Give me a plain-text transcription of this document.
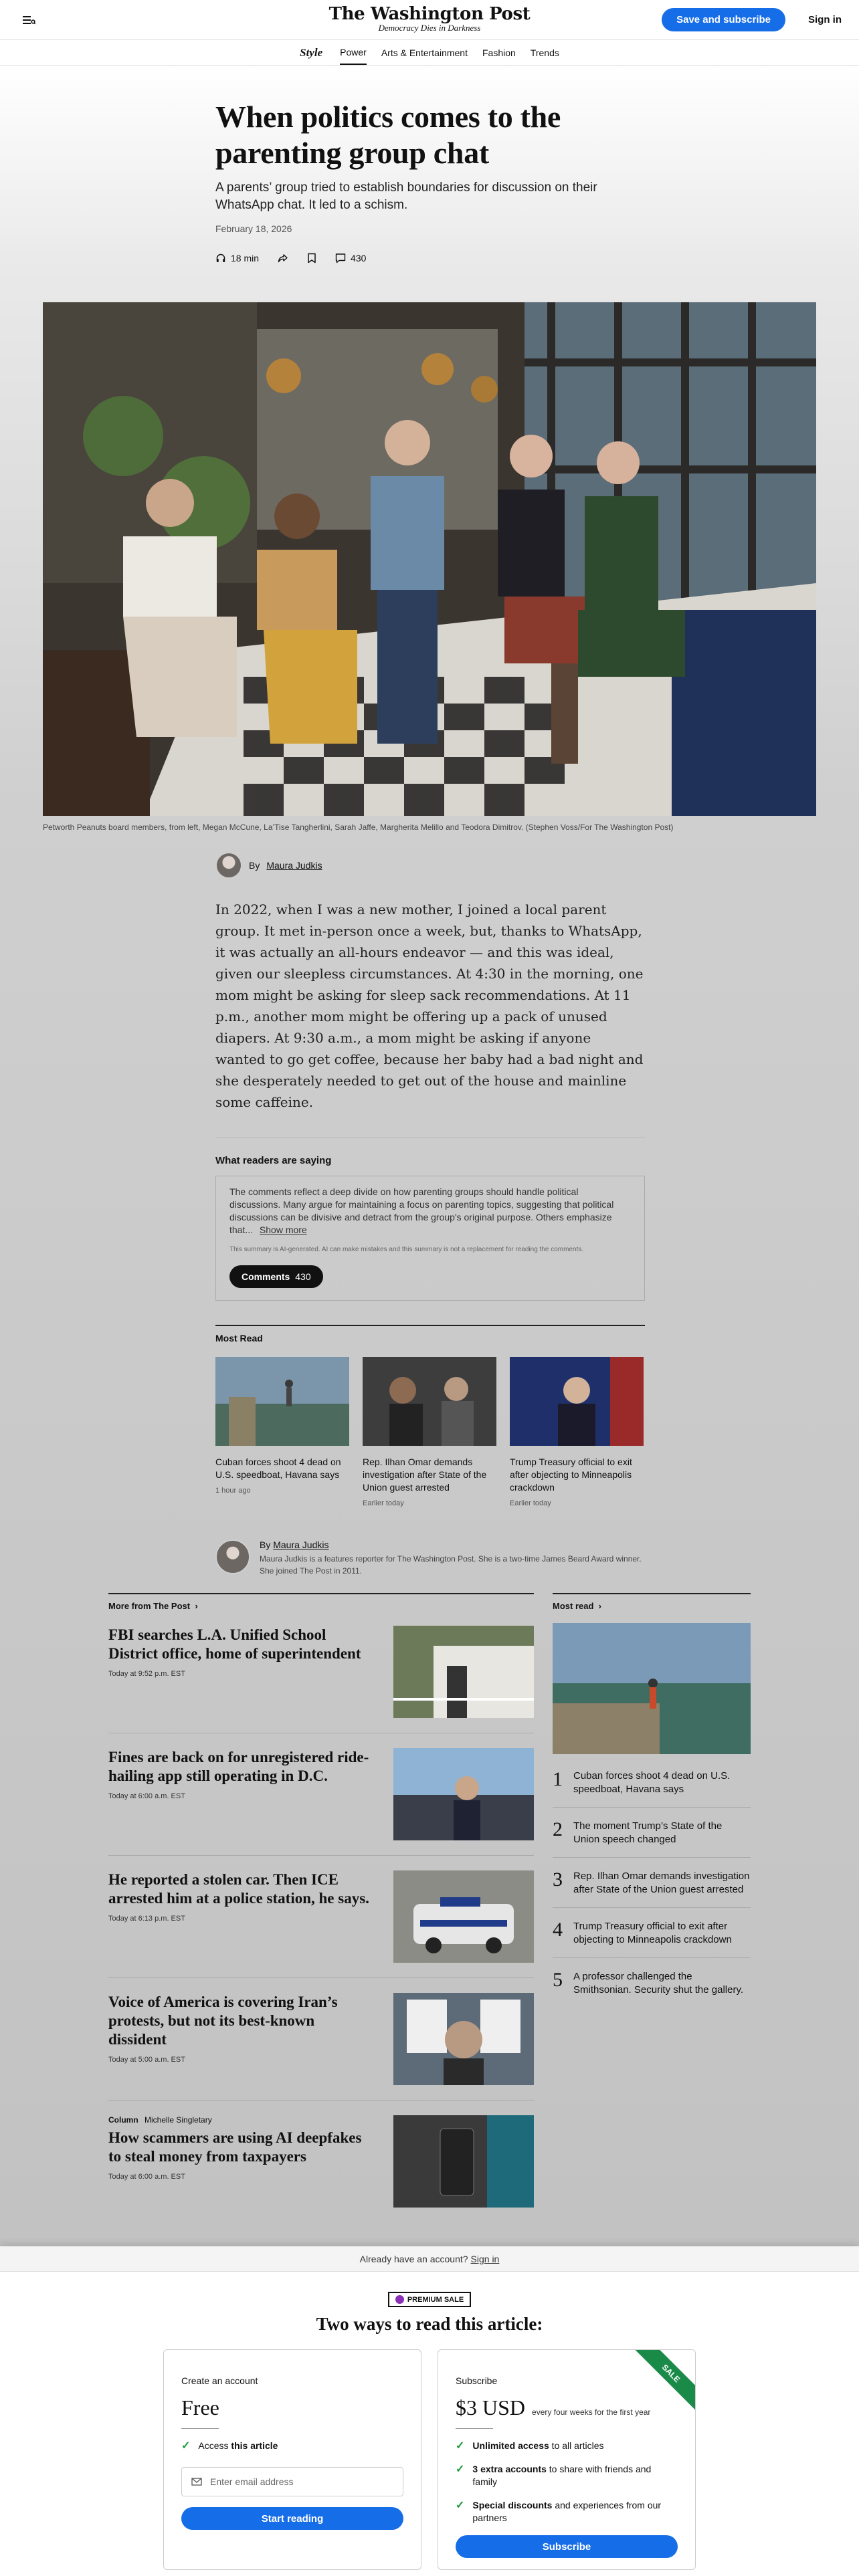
The Washington Post
Democracy Dies in Darkness
Save and subscribe	Sign in
Style Power Arts & Entertainment Fashion Trends
When politics comes to the parenting group chat

A parents’ group tried to establish boundaries for discussion on their WhatsApp chat. It led to a schism.

February 18, 2026
18 min	430
Petworth Peanuts board members, from left, Megan McCune, La’Tise Tangherlini, Sarah Jaffe, Margherita Melillo and Teodora Dimitrov. (Stephen Voss/For The Washington Post)
By Maura Judkis

In 2022, when I was a new mother, I joined a local parent group. It met in-person once a week, but, thanks to WhatsApp, it was actually an all-hours endeavor — and this was ideal, given our sleepless circumstances. At 4:30 in the morning, one mom might be asking for sleep sack recommendations. At 11 p.m., another mom might be offering up a pack of unused diapers. At 9:30 a.m., a mom might be asking if anyone wanted to go get coffee, because her baby had a bad night and she desperately needed to get out of the house and mainline some caffeine.

What readers are saying
The comments reflect a deep divide on how parenting groups should handle political discussions. Many argue for maintaining a focus on parenting topics, suggesting that political discussions can be divisive and detract from the group's original purpose. Others emphasize that... Show more
This summary is AI-generated. AI can make mistakes and this summary is not a replacement for reading the comments.
Comments 430
Most Read
Cuban forces shoot 4 dead on U.S. speedboat, Havana says
1 hour ago
Rep. Ilhan Omar demands investigation after State of the Union guest arrested
Earlier today
Trump Treasury official to exit after objecting to Minneapolis crackdown
Earlier today
By Maura Judkis
Maura Judkis is a features reporter for The Washington Post. She is a two-time James Beard Award winner. She joined The Post in 2011.
More from The Post  ›
FBI searches L.A. Unified School District office, home of superintendent
Today at 9:52 p.m. EST
Fines are back on for unregistered ride-hailing app still operating in D.C.
Today at 6:00 a.m. EST
He reported a stolen car. Then ICE arrested him at a police station, he says.
Today at 6:13 p.m. EST
Voice of America is covering Iran’s protests, but not its best-known dissident
Today at 5:00 a.m. EST
Column Michelle Singletary
How scammers are using AI deepfakes to steal money from taxpayers
Today at 6:00 a.m. EST
Most read  ›
1 Cuban forces shoot 4 dead on U.S. speedboat, Havana says
2 The moment Trump’s State of the Union speech changed
3 Rep. Ilhan Omar demands investigation after State of the Union guest arrested
4 Trump Treasury official to exit after objecting to Minneapolis crackdown
5 A professor challenged the Smithsonian. Security shut the gallery.
Already have an account? Sign in
PREMIUM SALE
Two ways to read this article:
Create an account
Free
✓ Access this article
Enter email address
Start reading
SALE
Subscribe
$3 USD every four weeks for the first year
✓ Unlimited access to all articles
✓ 3 extra accounts to share with friends and family
✓ Special discounts and experiences from our partners
Subscribe
